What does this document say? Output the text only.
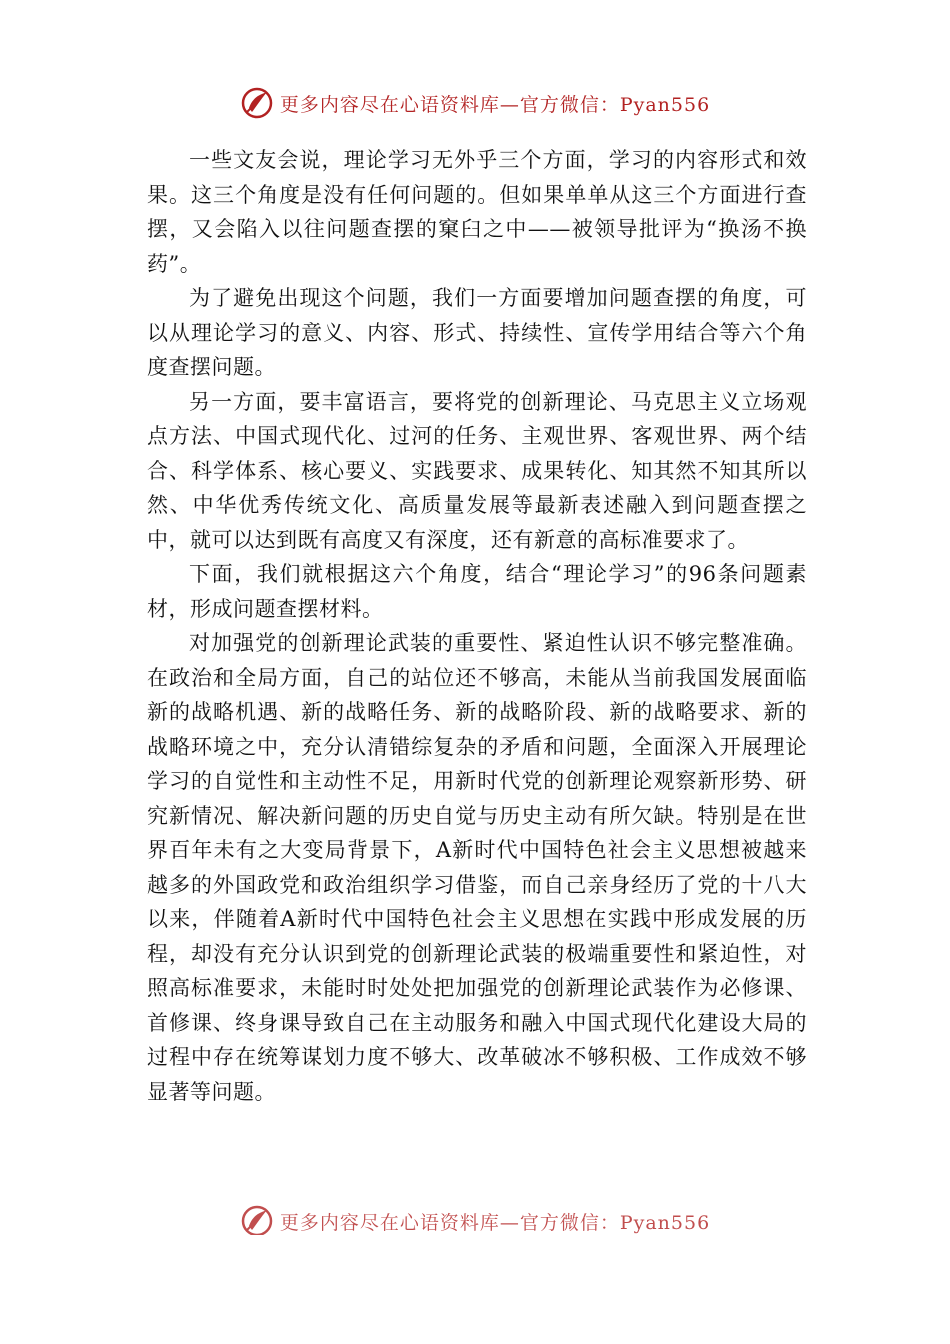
更多内容尽在心语资料库—官方微信：Pyan556

一些文友会说，理论学习无外乎三个方面，学习的内容形式和效果。这三个角度是没有任何问题的。但如果单单从这三个方面进行查摆，又会陷入以往问题查摆的窠臼之中——被领导批评为“换汤不换药”。

为了避免出现这个问题，我们一方面要增加问题查摆的角度，可以从理论学习的意义、内容、形式、持续性、宣传学用结合等六个角度查摆问题。

另一方面，要丰富语言，要将党的创新理论、马克思主义立场观点方法、中国式现代化、过河的任务、主观世界、客观世界、两个结合、科学体系、核心要义、实践要求、成果转化、知其然不知其所以然、中华优秀传统文化、高质量发展等最新表述融入到问题查摆之中，就可以达到既有高度又有深度，还有新意的高标准要求了。

下面，我们就根据这六个角度，结合“理论学习”的96条问题素材，形成问题查摆材料。

对加强党的创新理论武装的重要性、紧迫性认识不够完整准确。在政治和全局方面，自己的站位还不够高，未能从当前我国发展面临新的战略机遇、新的战略任务、新的战略阶段、新的战略要求、新的战略环境之中，充分认清错综复杂的矛盾和问题，全面深入开展理论学习的自觉性和主动性不足，用新时代党的创新理论观察新形势、研究新情况、解决新问题的历史自觉与历史主动有所欠缺。特别是在世界百年未有之大变局背景下，A新时代中国特色社会主义思想被越来越多的外国政党和政治组织学习借鉴，而自己亲身经历了党的十八大以来，伴随着A新时代中国特色社会主义思想在实践中形成发展的历程，却没有充分认识到党的创新理论武装的极端重要性和紧迫性，对照高标准要求，未能时时处处把加强党的创新理论武装作为必修课、首修课、终身课导致自己在主动服务和融入中国式现代化建设大局的过程中存在统筹谋划力度不够大、改革破冰不够积极、工作成效不够显著等问题。

更多内容尽在心语资料库—官方微信：Pyan556
